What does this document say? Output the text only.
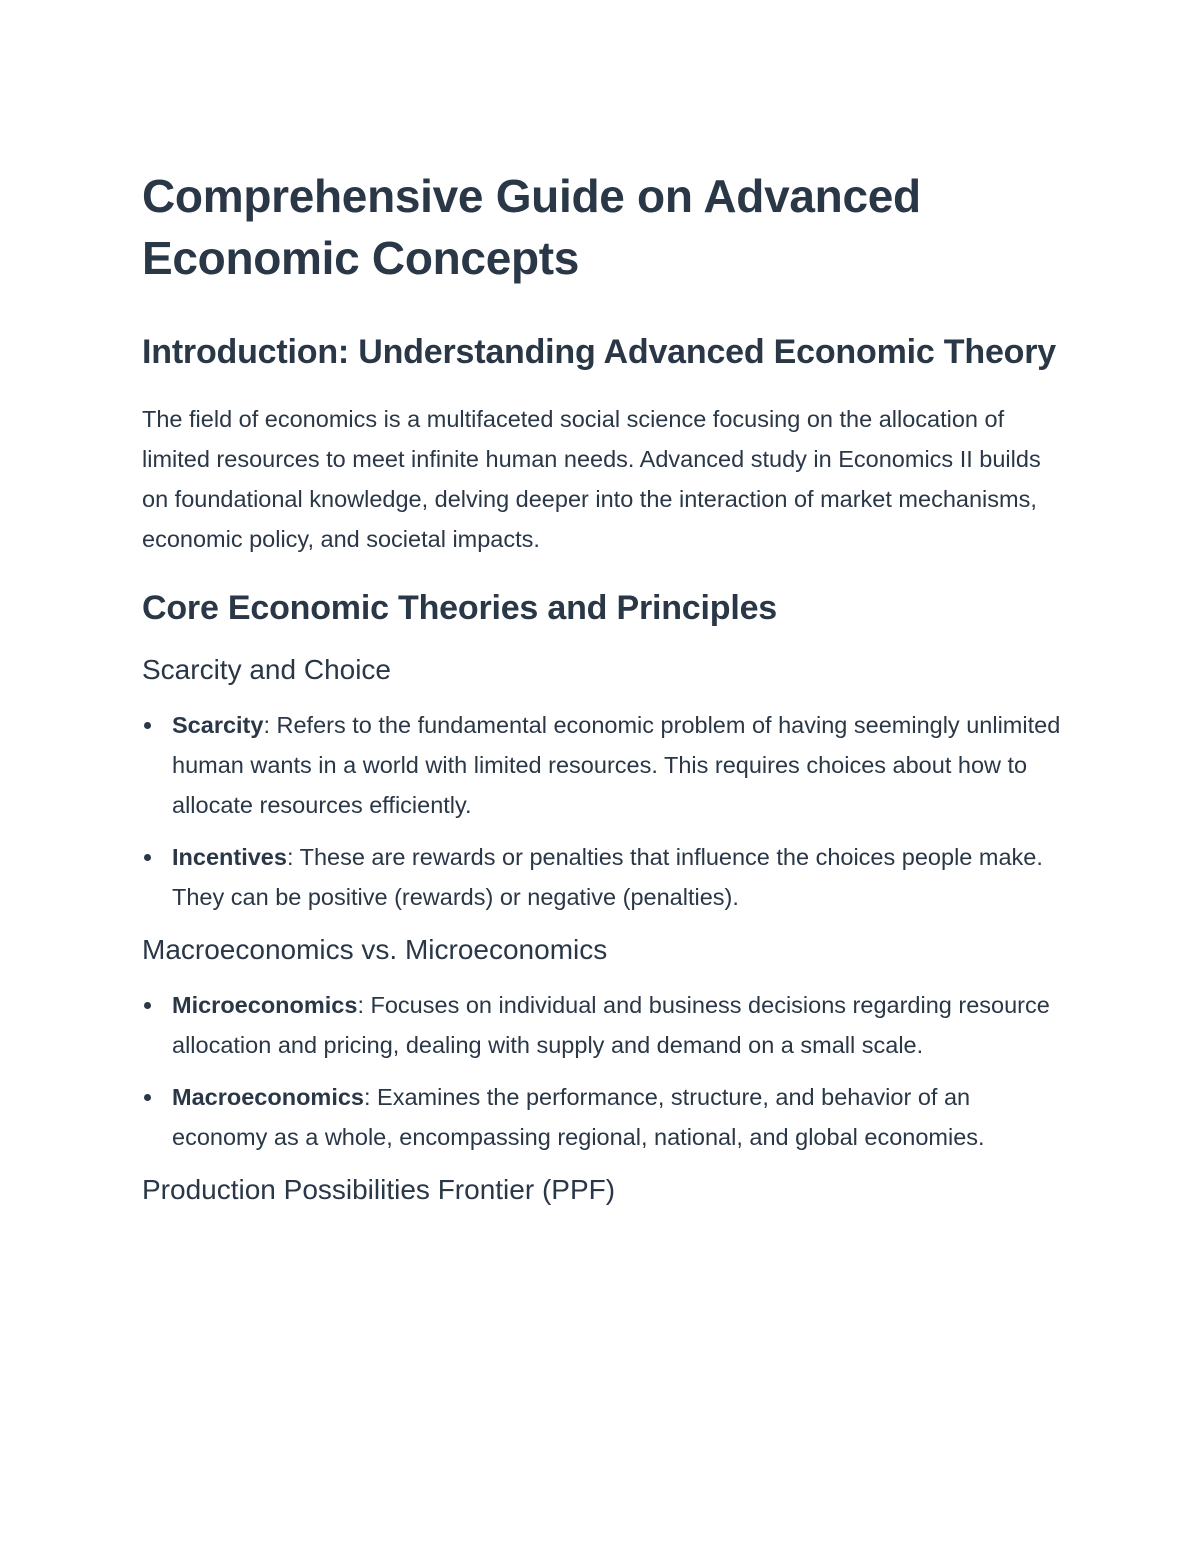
Comprehensive Guide on Advanced Economic Concepts
Introduction: Understanding Advanced Economic Theory

The field of economics is a multifaceted social science focusing on the allocation of limited resources to meet infinite human needs. Advanced study in Economics II builds on foundational knowledge, delving deeper into the interaction of market mechanisms, economic policy, and societal impacts.

Core Economic Theories and Principles
Scarcity and Choice
Scarcity: Refers to the fundamental economic problem of having seemingly unlimited human wants in a world with limited resources. This requires choices about how to allocate resources efficiently.
Incentives: These are rewards or penalties that influence the choices people make. They can be positive (rewards) or negative (penalties).
Macroeconomics vs. Microeconomics
Microeconomics: Focuses on individual and business decisions regarding resource allocation and pricing, dealing with supply and demand on a small scale.
Macroeconomics: Examines the performance, structure, and behavior of an economy as a whole, encompassing regional, national, and global economies.
Production Possibilities Frontier (PPF)
